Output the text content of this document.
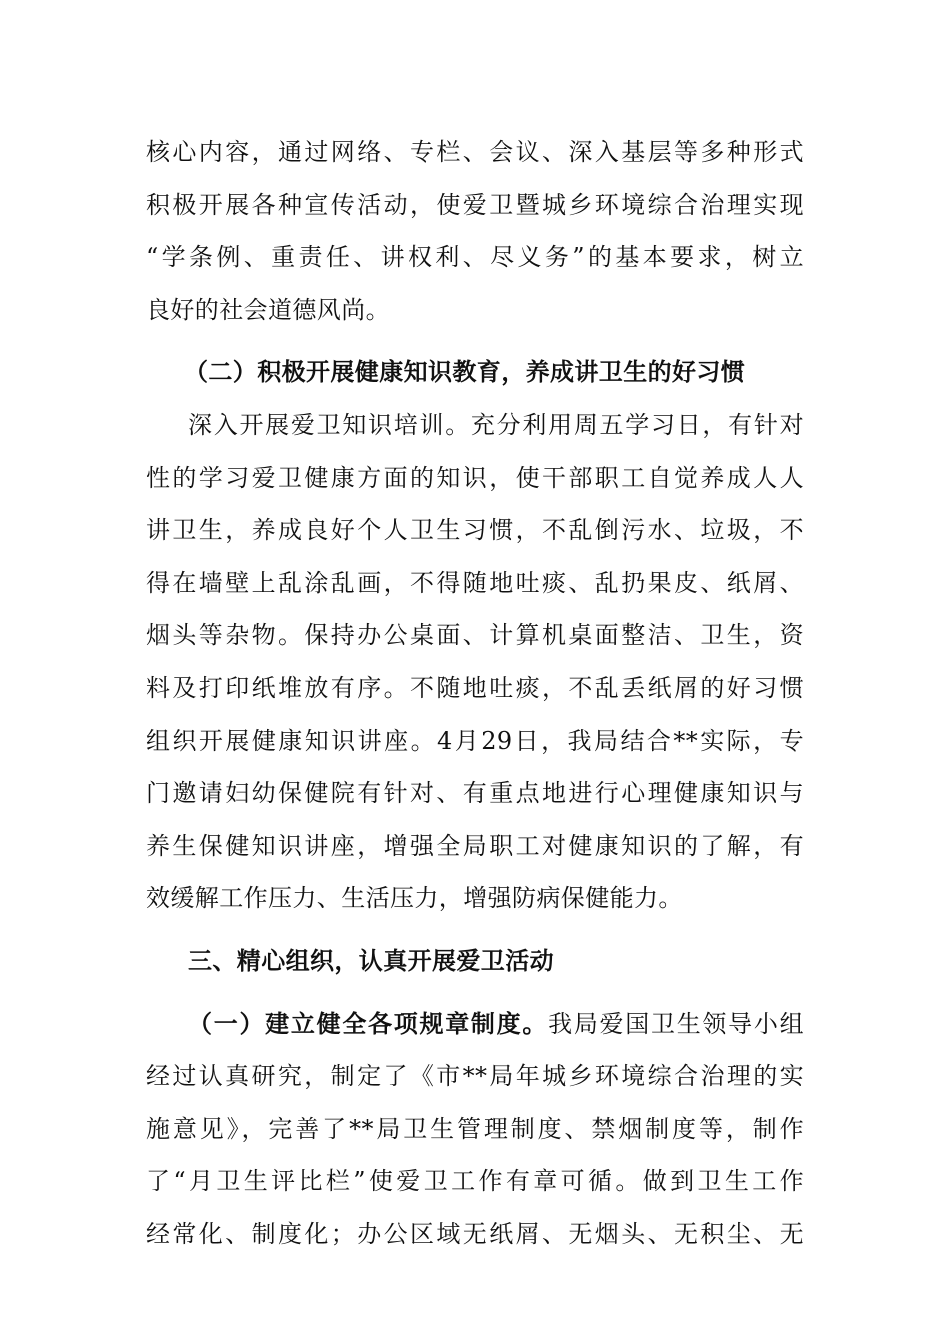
核心内容，通过网络、专栏、会议、深入基层等多种形式
积极开展各种宣传活动，使爱卫暨城乡环境综合治理实现
“学条例、重责任、讲权利、尽义务”的基本要求，树立
良好的社会道德风尚。
（二）积极开展健康知识教育，养成讲卫生的好习惯
深入开展爱卫知识培训。充分利用周五学习日，有针对
性的学习爱卫健康方面的知识，使干部职工自觉养成人人
讲卫生，养成良好个人卫生习惯，不乱倒污水、垃圾，不
得在墙壁上乱涂乱画，不得随地吐痰、乱扔果皮、纸屑、
烟头等杂物。保持办公桌面、计算机桌面整洁、卫生，资
料及打印纸堆放有序。不随地吐痰，不乱丢纸屑的好习惯
组织开展健康知识讲座。4月29日，我局结合**实际，专
门邀请妇幼保健院有针对、有重点地进行心理健康知识与
养生保健知识讲座，增强全局职工对健康知识的了解，有
效缓解工作压力、生活压力，增强防病保健能力。
三、精心组织，认真开展爱卫活动
（一）建立健全各项规章制度。我局爱国卫生领导小组
经过认真研究，制定了《市**局年城乡环境综合治理的实
施意见》，完善了**局卫生管理制度、禁烟制度等，制作
了“月卫生评比栏”使爱卫工作有章可循。做到卫生工作
经常化、制度化；办公区域无纸屑、无烟头、无积尘、无
